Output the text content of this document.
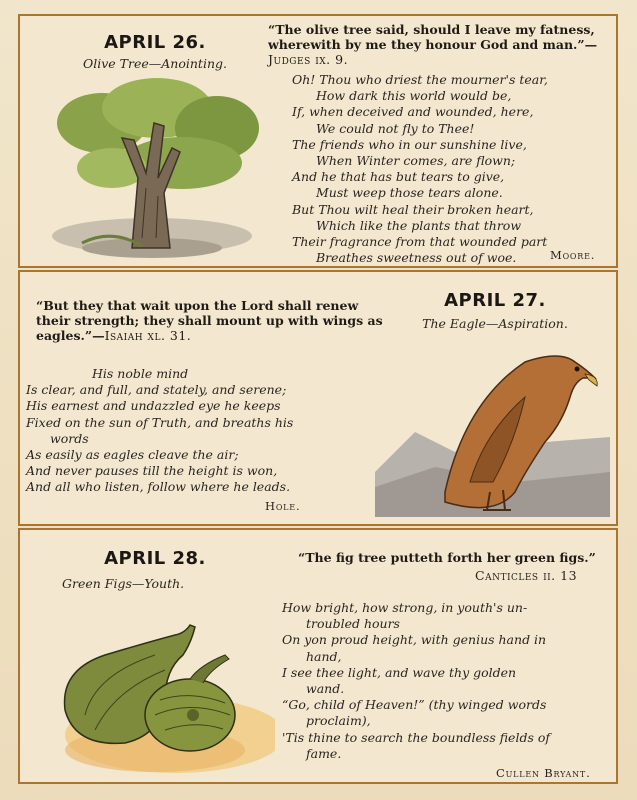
APRIL 26.
Olive Tree—Anointing.
“The olive tree said, should I leave my fatness, wherewith by me they honour God and man.”—Judges ix. 9.
Oh! Thou who driest the mourner's tear,
How dark this world would be,
If, when deceived and wounded, here,
We could not fly to Thee!
The friends who in our sunshine live,
When Winter comes, are flown;
And he that has but tears to give,
Must weep those tears alone.
But Thou wilt heal their broken heart,
Which like the plants that throw
Their fragrance from that wounded part
Breathes sweetness out of woe.	Moore.
“But they that wait upon the Lord shall renew their strength; they shall mount up with wings as eagles.”—Isaiah xl. 31.
His noble mind
Is clear, and full, and stately, and serene;
His earnest and undazzled eye he keeps
Fixed on the sun of Truth, and breaths his
words
As easily as eagles cleave the air;
And never pauses till the height is won,
And all who listen, follow where he leads.
Hole.
APRIL 27.
The Eagle—Aspiration.
APRIL 28.
Green Figs—Youth.
“The fig tree putteth forth her green figs.”
Canticles ii. 13
How bright, how strong, in youth's un-
troubled hours
On yon proud height, with genius hand in
hand,
I see thee light, and wave thy golden
wand.
“Go, child of Heaven!” (thy winged words
proclaim),
'Tis thine to search the boundless fields of
fame.
Cullen Bryant.
